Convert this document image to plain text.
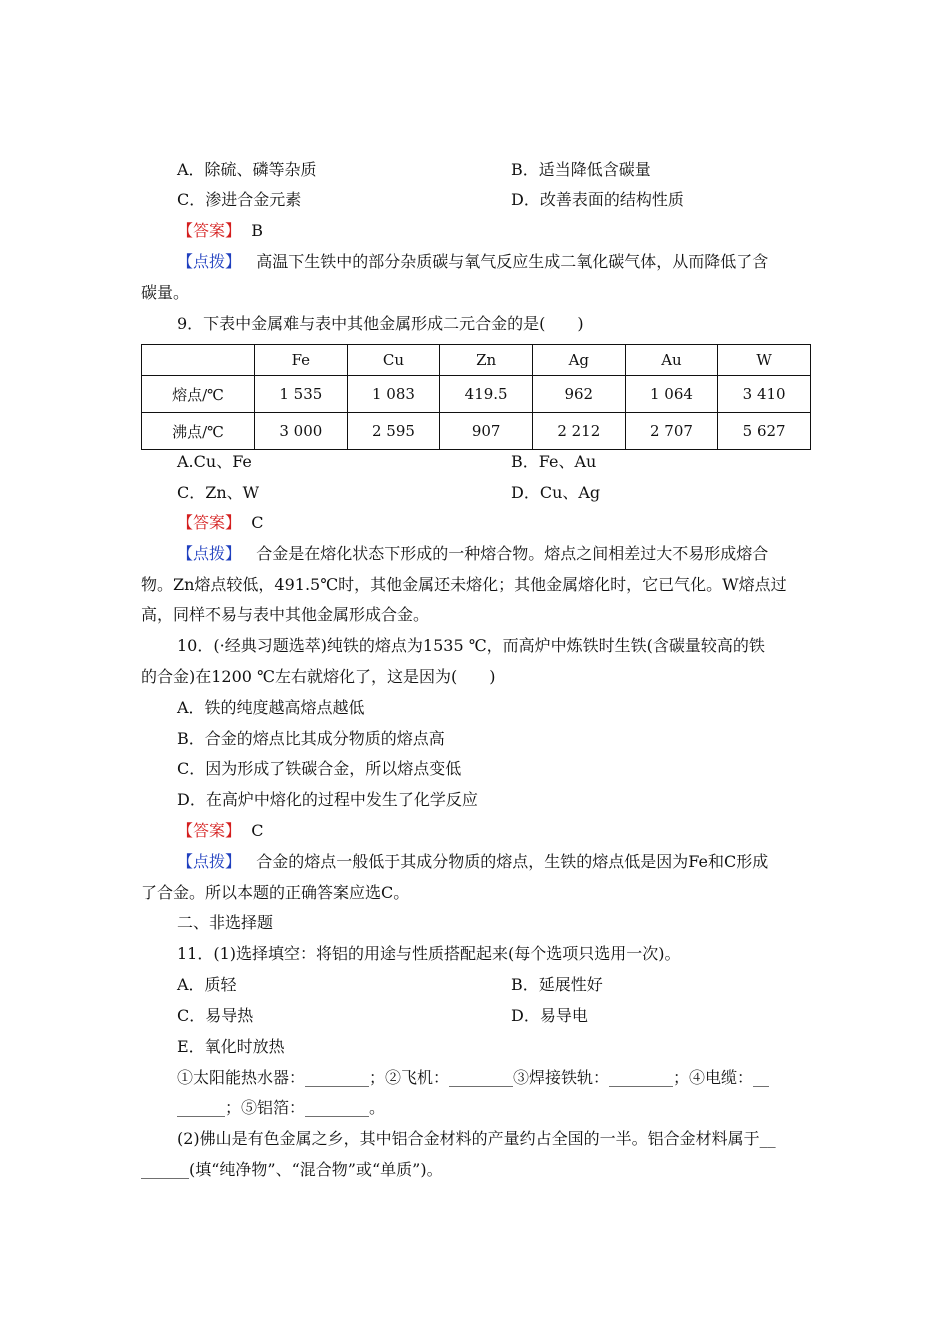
A．除硫、磷等杂质	B．适当降低含碳量
C．渗进合金元素	D．改善表面的结构性质
【答案】 B
【点拨】 高温下生铁中的部分杂质碳与氧气反应生成二氧化碳气体，从而降低了含
碳量。
9．下表中金属难与表中其他金属形成二元合金的是(　　)
	Fe	Cu	Zn	Ag	Au	W
熔点/℃	1 535	1 083	419.5	962	1 064	3 410
沸点/℃	3 000	2 595	907	2 212	2 707	5 627
A.Cu、Fe	B．Fe、Au
C．Zn、W	D．Cu、Ag
【答案】 C
【点拨】 合金是在熔化状态下形成的一种熔合物。熔点之间相差过大不易形成熔合
物。Zn熔点较低，491.5℃时，其他金属还未熔化；其他金属熔化时，它已气化。W熔点过
高，同样不易与表中其他金属形成合金。
10．(·经典习题选萃)纯铁的熔点为1535 ℃，而高炉中炼铁时生铁(含碳量较高的铁
的合金)在1200 ℃左右就熔化了，这是因为(　　)
A．铁的纯度越高熔点越低
B．合金的熔点比其成分物质的熔点高
C．因为形成了铁碳合金，所以熔点变低
D．在高炉中熔化的过程中发生了化学反应
【答案】 C
【点拨】 合金的熔点一般低于其成分物质的熔点，生铁的熔点低是因为Fe和C形成
了合金。所以本题的正确答案应选C。
二、非选择题
11．(1)选择填空：将铝的用途与性质搭配起来(每个选项只选用一次)。
A．质轻	B．延展性好
C．易导热	D．易导电
E．氧化时放热
①太阳能热水器：________；②飞机：________③焊接铁轨：________；④电缆：__
______；⑤铝箔：________。
(2)佛山是有色金属之乡，其中铝合金材料的产量约占全国的一半。铝合金材料属于__
______(填“纯净物”、“混合物”或“单质”)。
